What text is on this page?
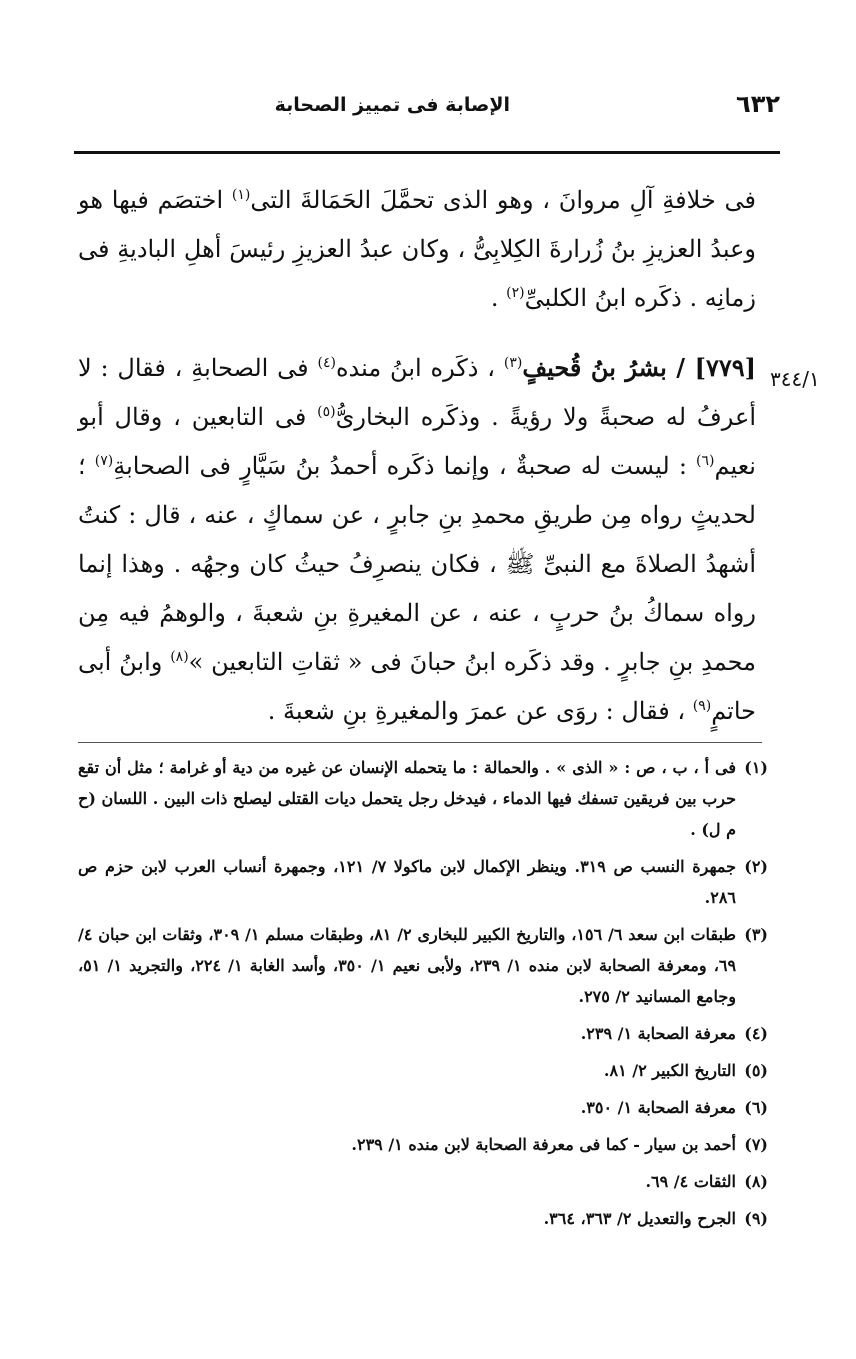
٦٣٢
الإصابة فى تمييز الصحابة
٣٤٤/١

فى خلافةِ آلِ مروانَ ، وهو الذى تحمَّلَ الحَمَالةَ التى$^{(١)}$ اختصَم فيها هو وعبدُ العزيزِ بنُ زُرارةَ الكِلابِىُّ ، وكان عبدُ العزيزِ رئيسَ أهلِ الباديةِ فى زمانِه . ذكَره ابنُ الكلبىِّ$^{(٢)}$ .

[٧٧٩] / بشرُ بنُ قُحيفٍ$^{(٣)}$ ، ذكَره ابنُ منده$^{(٤)}$ فى الصحابةِ ، فقال : لا أعرفُ له صحبةً ولا رؤيةً . وذكَره البخارىُّ$^{(٥)}$ فى التابعين ، وقال أبو نعيم$^{(٦)}$ : ليست له صحبةٌ ، وإنما ذكَره أحمدُ بنُ سَيَّارٍ فى الصحابةِ$^{(٧)}$ ؛ لحديثٍ رواه مِن طريقِ محمدِ بنِ جابرٍ ، عن سماكٍ ، عنه ، قال : كنتُ أشهدُ الصلاةَ مع النبىِّ ﷺ ، فكان ينصرِفُ حيثُ كان وجهُه . وهذا إنما رواه سماكُ بنُ حربٍ ، عنه ، عن المغيرةِ بنِ شعبةَ ، والوهمُ فيه مِن محمدِ بنِ جابرٍ . وقد ذكَره ابنُ حبانَ فى « ثقاتِ التابعين »$^{(٨)}$ وابنُ أبى حاتمٍ$^{(٩)}$ ، فقال : روَى عن عمرَ والمغيرةِ بنِ شعبةَ .

(١)
فى أ ، ب ، ص : « الذى » . والحمالة : ما يتحمله الإنسان عن غيره من دية أو غرامة ؛ مثل أن تقع حرب بين فريقين تسفك فيها الدماء ، فيدخل رجل يتحمل ديات القتلى ليصلح ذات البين . اللسان (ح م ل) .

(٢)
جمهرة النسب ص ٣١٩. وينظر الإكمال لابن ماكولا ٧/ ١٢١، وجمهرة أنساب العرب لابن حزم ص ٢٨٦.

(٣)
طبقات ابن سعد ٦/ ١٥٦، والتاريخ الكبير للبخارى ٢/ ٨١، وطبقات مسلم ١/ ٣٠٩، وثقات ابن حبان ٤/ ٦٩، ومعرفة الصحابة لابن منده ١/ ٢٣٩، ولأبى نعيم ١/ ٣٥٠، وأسد الغابة ١/ ٢٢٤، والتجريد ١/ ٥١، وجامع المسانيد ٢/ ٢٧٥.

(٤)
معرفة الصحابة ١/ ٢٣٩.

(٥)
التاريخ الكبير ٢/ ٨١.

(٦)
معرفة الصحابة ١/ ٣٥٠.

(٧)
أحمد بن سيار - كما فى معرفة الصحابة لابن منده ١/ ٢٣٩.

(٨)
الثقات ٤/ ٦٩.

(٩)
الجرح والتعديل ٢/ ٣٦٣، ٣٦٤.
